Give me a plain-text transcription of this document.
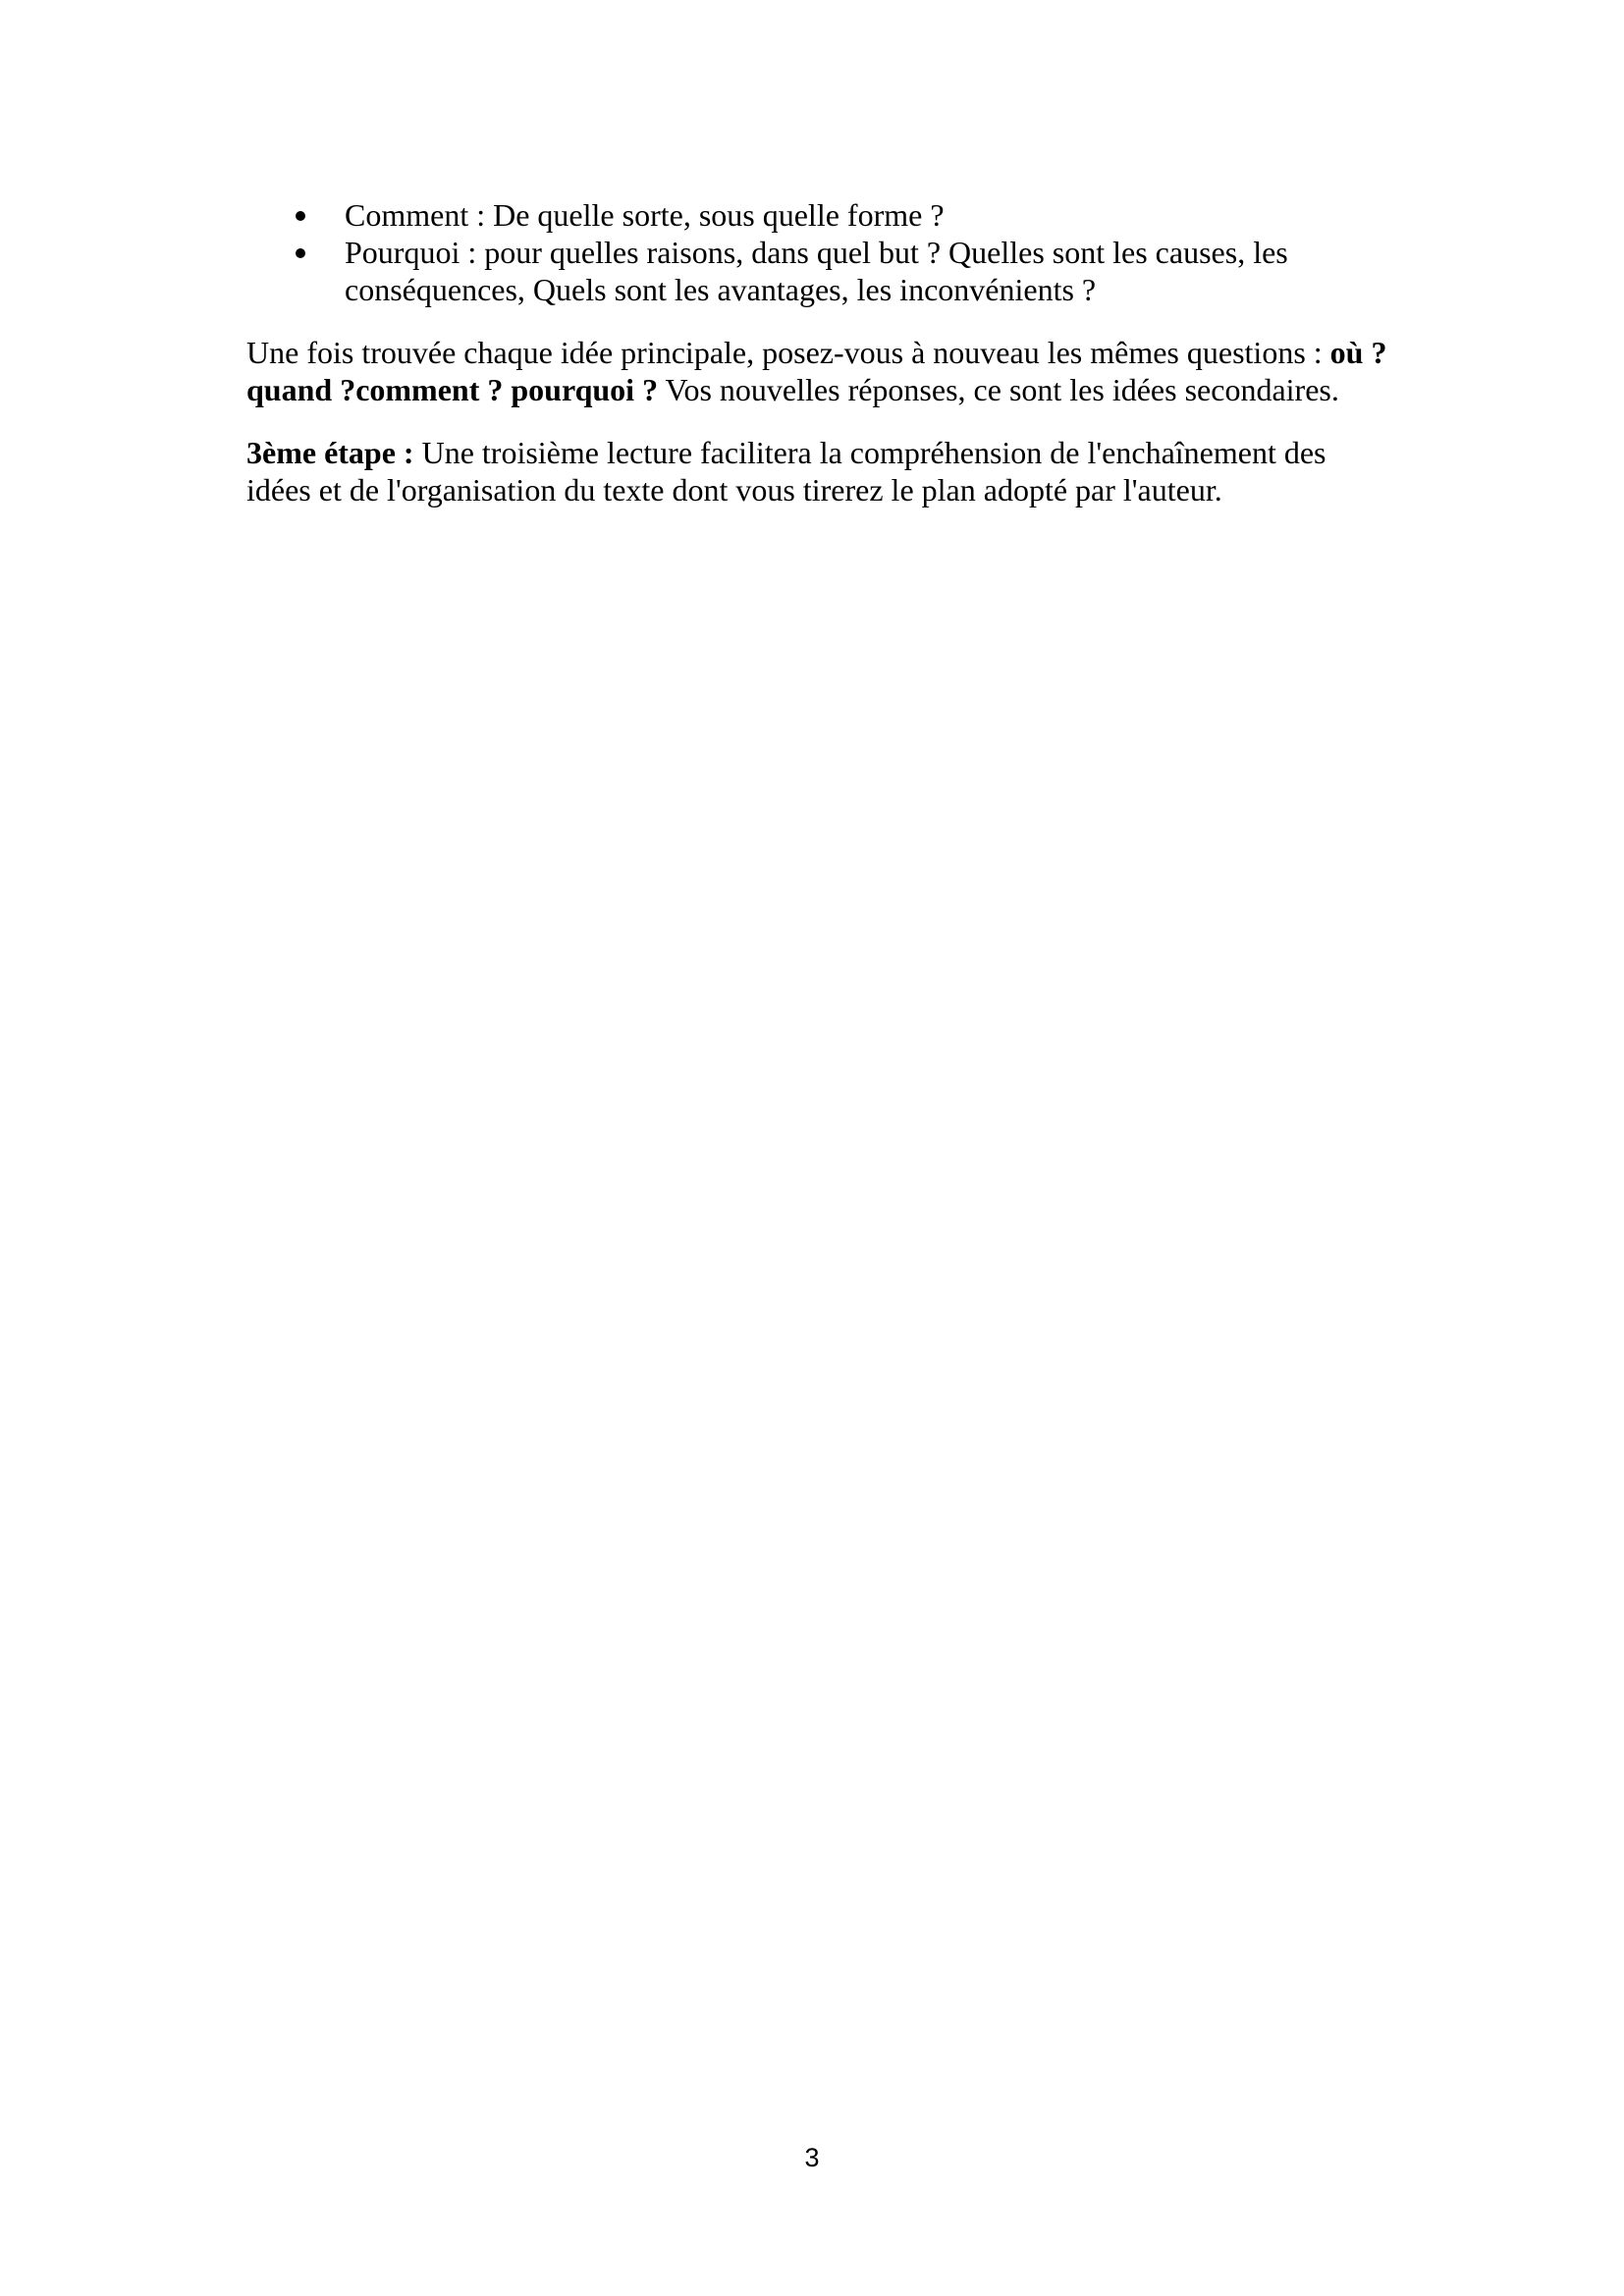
Comment : De quelle sorte, sous quelle forme ?
Pourquoi : pour quelles raisons, dans quel but ? Quelles sont les causes, les conséquences, Quels sont les avantages, les inconvénients ?

Une fois trouvée chaque idée principale, posez-vous à nouveau les mêmes questions : où ? quand ?comment ? pourquoi ? Vos nouvelles réponses, ce sont les idées secondaires.

3ème étape : Une troisième lecture facilitera la compréhension de l'enchaînement des idées et de l'organisation du texte dont vous tirerez le plan adopté par l'auteur.

3
